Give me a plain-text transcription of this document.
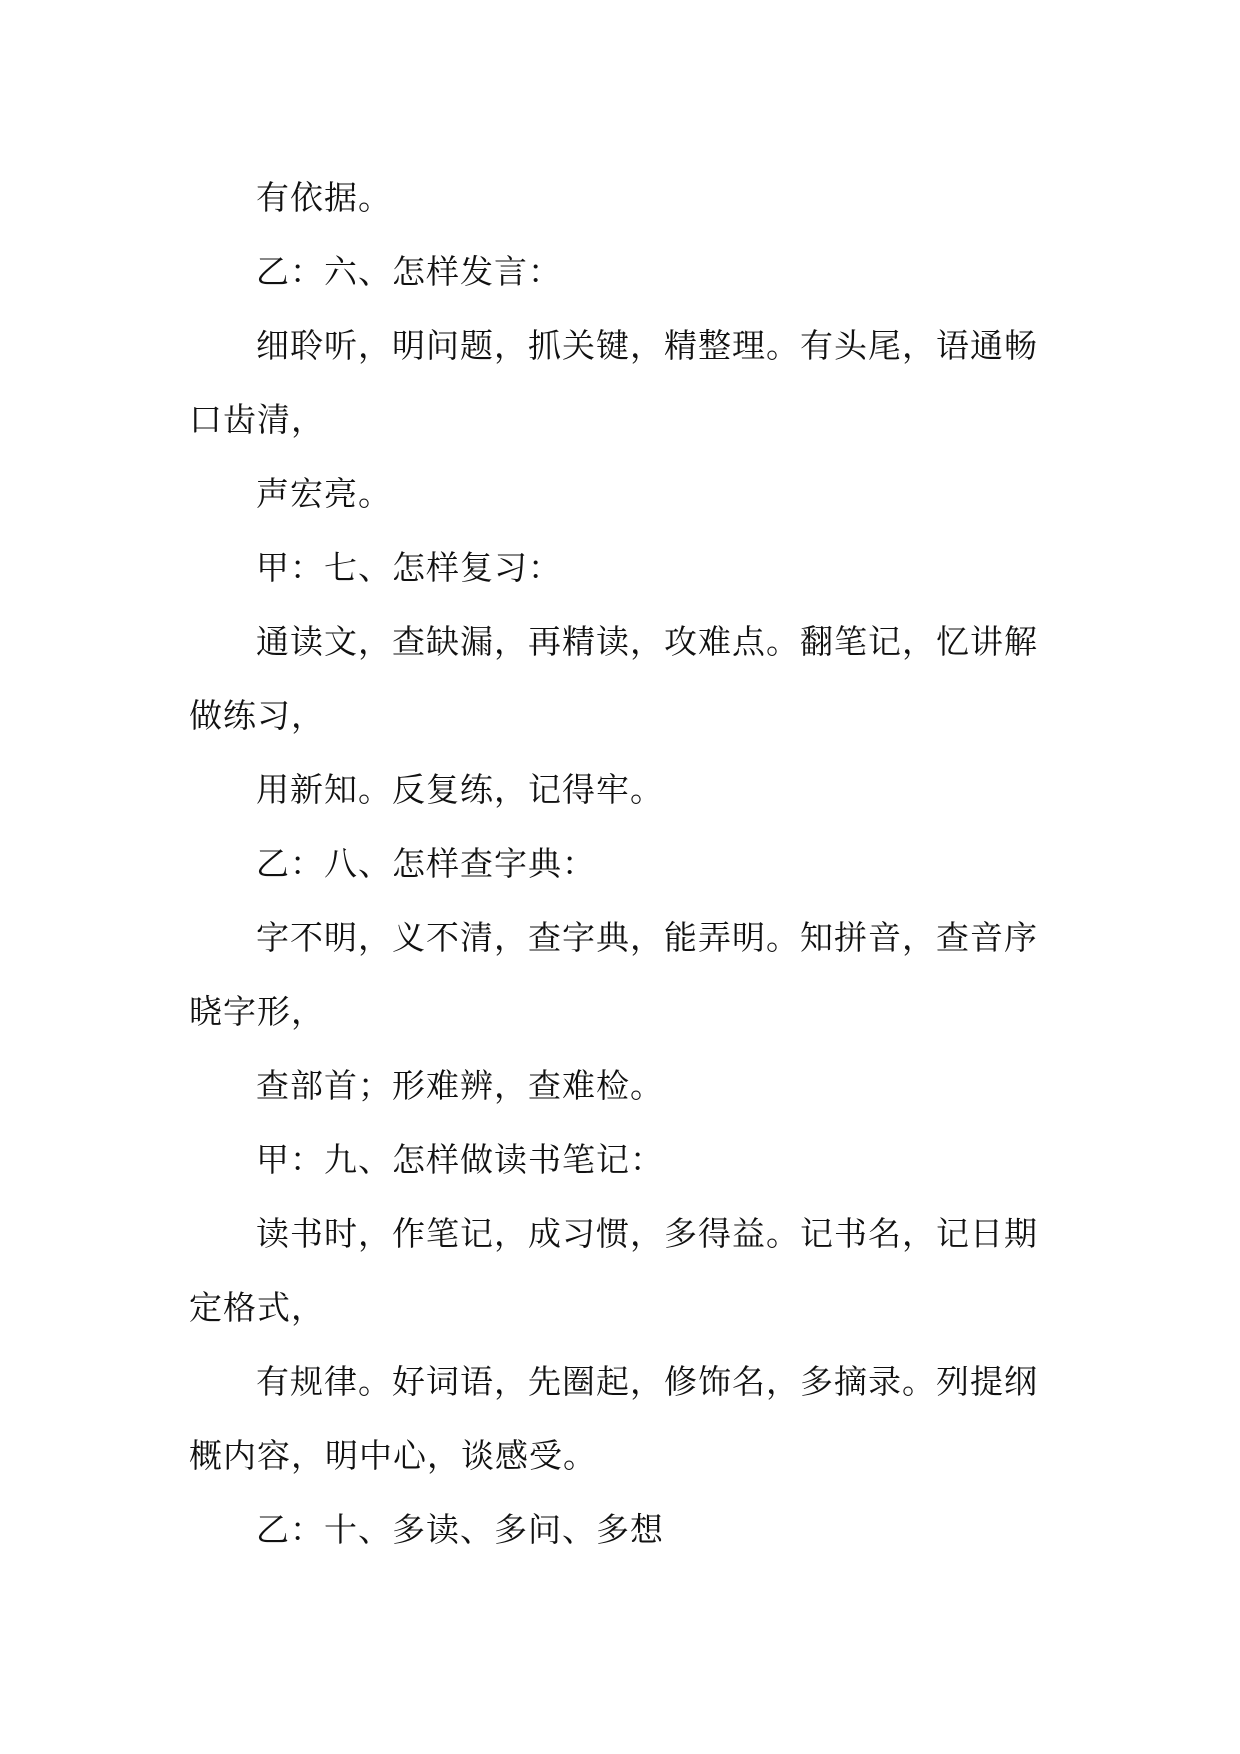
有依据。
乙：六、怎样发言：
细聆听，明问题，抓关键，精整理。有头尾，语通畅
口齿清，
声宏亮。
甲：七、怎样复习：
通读文，查缺漏，再精读，攻难点。翻笔记，忆讲解
做练习，
用新知。反复练，记得牢。
乙：八、怎样查字典：
字不明，义不清，查字典，能弄明。知拼音，查音序
晓字形，
查部首；形难辨，查难检。
甲：九、怎样做读书笔记：
读书时，作笔记，成习惯，多得益。记书名，记日期
定格式，
有规律。好词语，先圈起，修饰名，多摘录。列提纲
概内容，明中心，谈感受。
乙：十、多读、多问、多想
